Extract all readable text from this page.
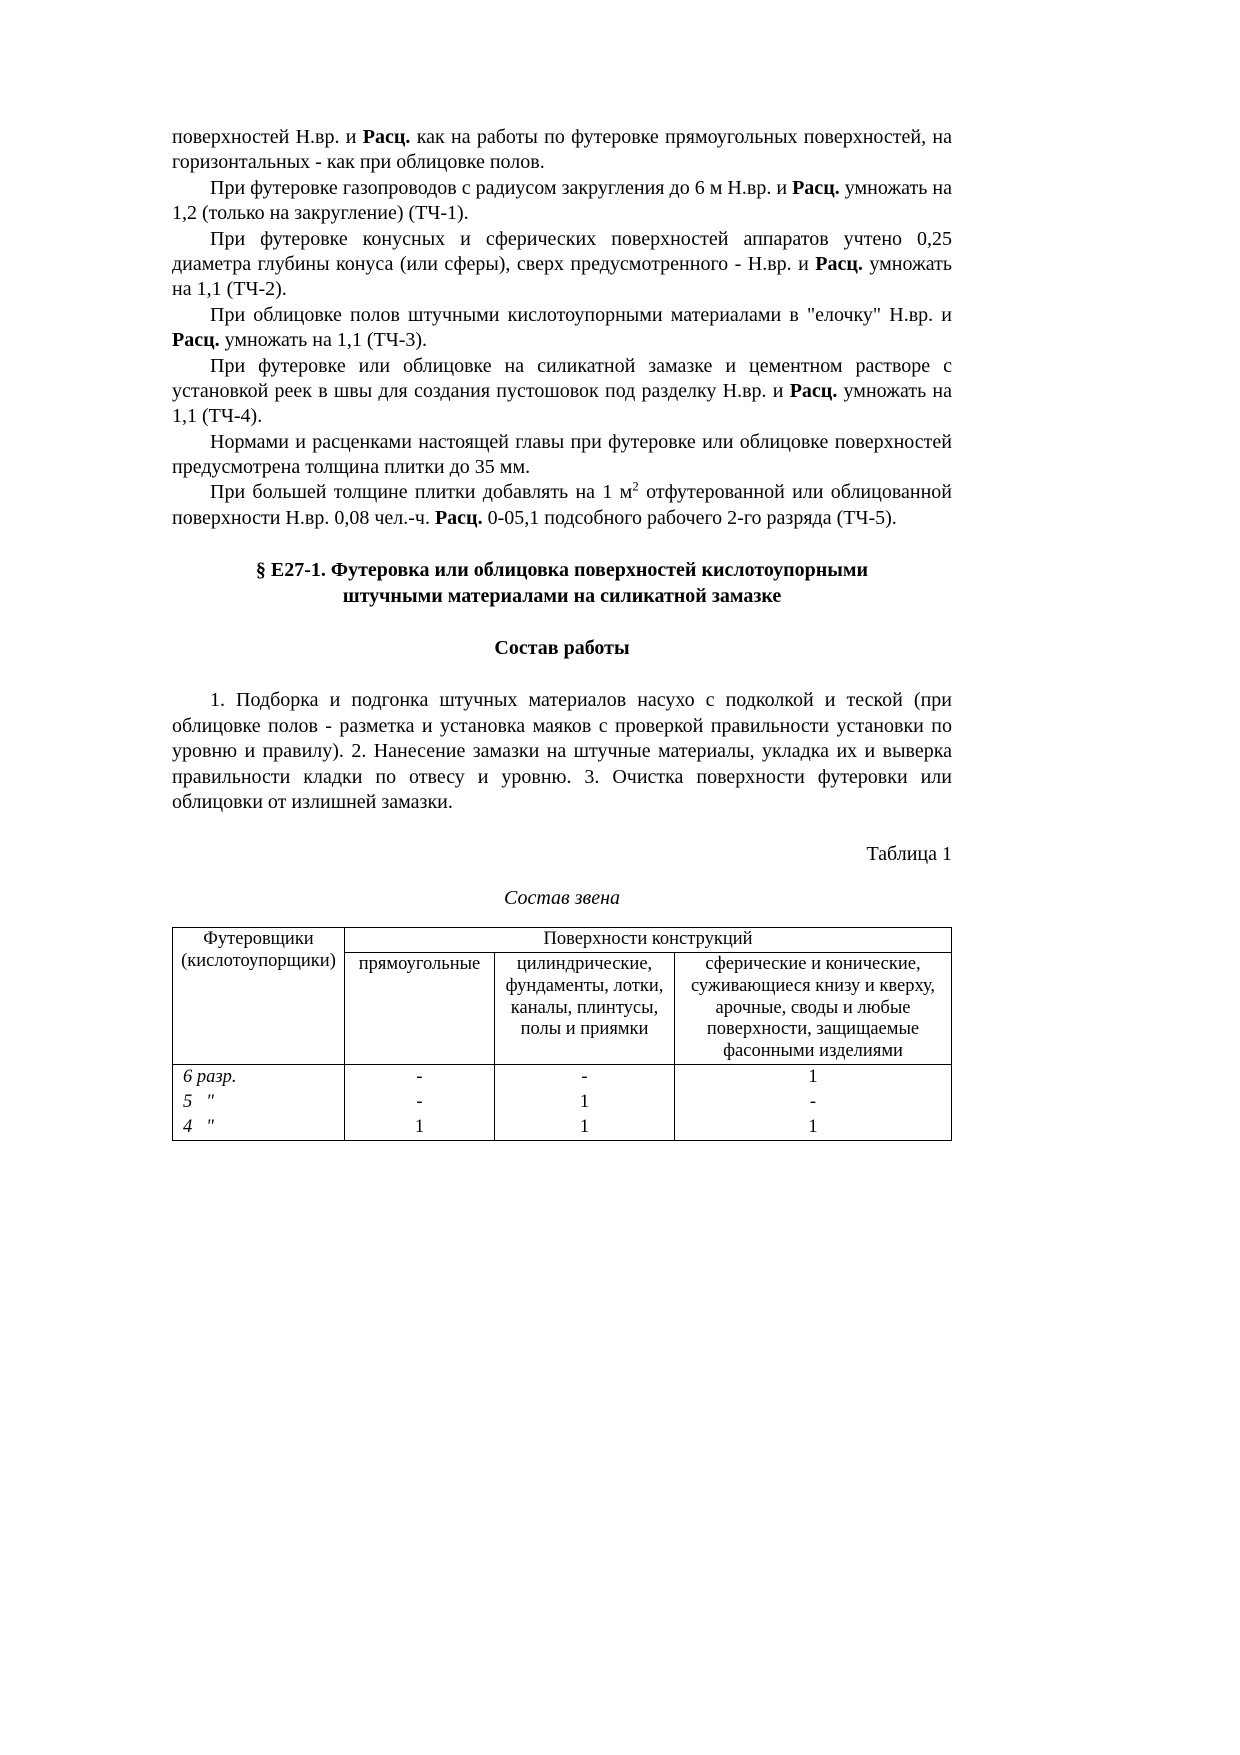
поверхностей Н.вр. и Расц. как на работы по футеровке прямоугольных поверхностей, на горизонтальных - как при облицовке полов.

При футеровке газопроводов с радиусом закругления до 6 м Н.вр. и Расц. умножать на 1,2 (только на закругление) (ТЧ-1).

При футеровке конусных и сферических поверхностей аппаратов учтено 0,25 диаметра глубины конуса (или сферы), сверх предусмотренного - Н.вр. и Расц. умножать на 1,1 (ТЧ-2).

При облицовке полов штучными кислотоупорными материалами в "елочку" Н.вр. и Расц. умножать на 1,1 (ТЧ-3).

При футеровке или облицовке на силикатной замазке и цементном растворе с установкой реек в швы для создания пустошовок под разделку Н.вр. и Расц. умножать на 1,1 (ТЧ-4).

Нормами и расценками настоящей главы при футеровке или облицовке поверхностей предусмотрена толщина плитки до 35 мм.

При большей толщине плитки добавлять на 1 $м^2$ отфутерованной или облицованной поверхности Н.вр. 0,08 чел.-ч. Расц. 0-05,1 подсобного рабочего 2-го разряда (ТЧ-5).

§ Е27-1. Футеровка или облицовка поверхностей кислотоупорными
штучными материалами на силикатной замазке
Состав работы

1. Подборка и подгонка штучных материалов насухо с подколкой и теской (при облицовке полов - разметка и установка маяков с проверкой правильности установки по уровню и правилу). 2. Нанесение замазки на штучные материалы, укладка их и выверка правильности кладки по отвесу и уровню. 3. Очистка поверхности футеровки или облицовки от излишней замазки.

Таблица 1

Состав звена

Футеровщики (кислотоупорщики)	Поверхности конструкций		
	прямоугольные	цилиндрические, фундаменты, лотки, каналы, плинтусы, полы и приямки	сферические и конические, суживающиеся книзу и кверху, арочные, своды и любые поверхности, защищаемые фасонными изделиями
6 разр.	-	-	1
5   "	-	1	-
4   "	1	1	1
